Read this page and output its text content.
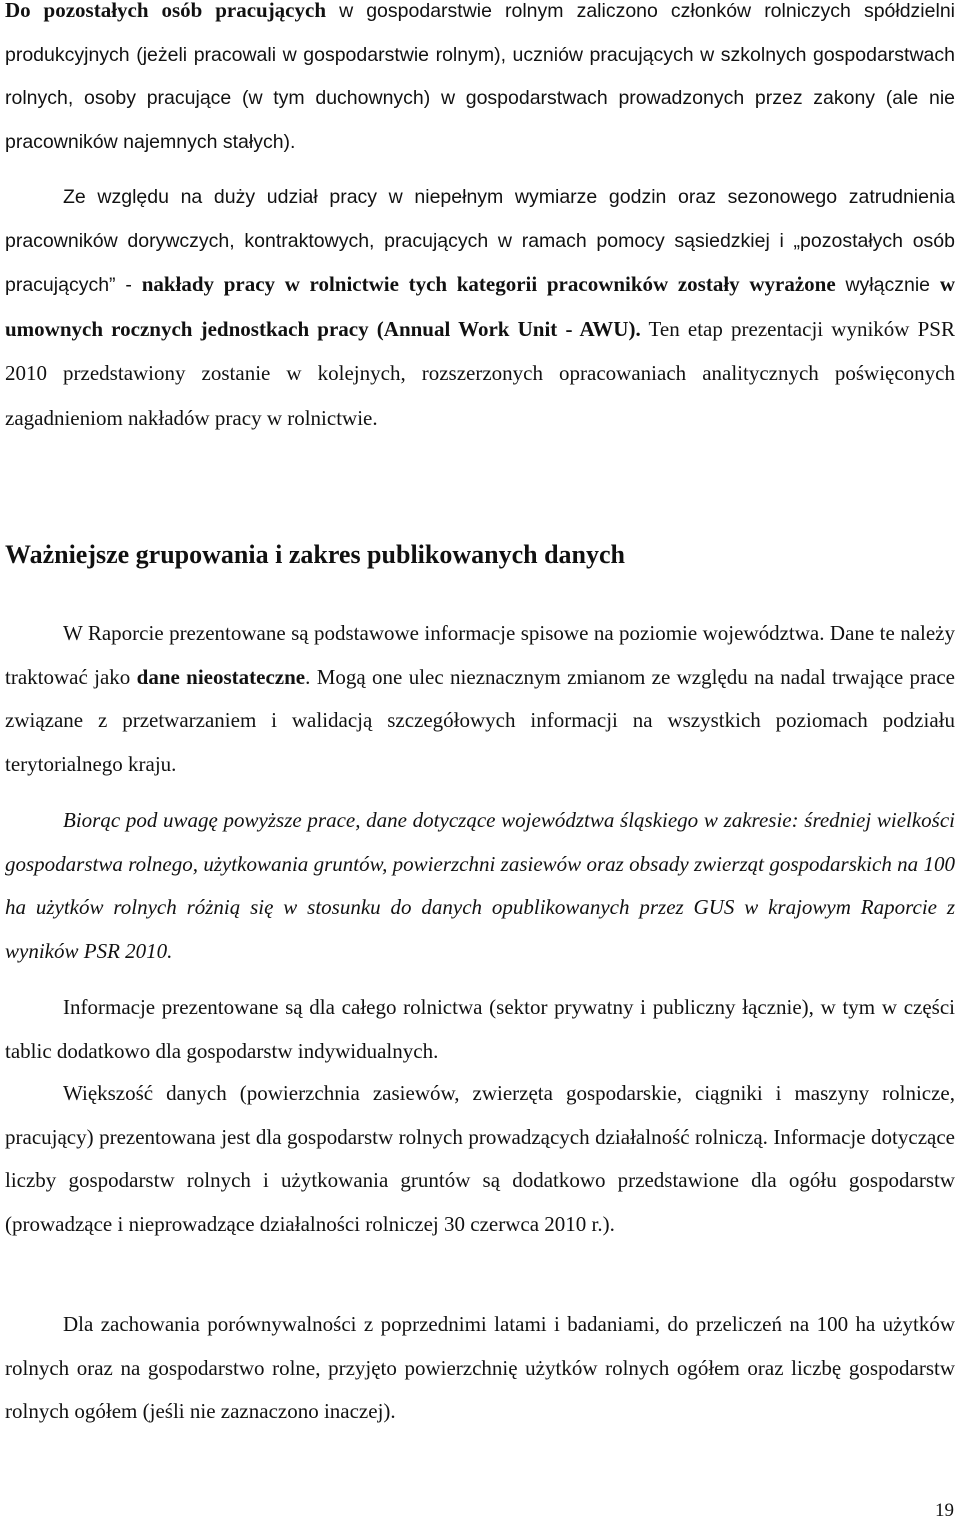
Do pozostałych osób pracujących w gospodarstwie rolnym zaliczono członków rolniczych spółdzielni produkcyjnych (jeżeli pracowali w gospodarstwie rolnym), uczniów pracujących w szkolnych gospodarstwach rolnych, osoby pracujące (w tym duchownych) w gospodarstwach prowadzonych przez zakony (ale nie pracowników najemnych stałych).

Ze względu na duży udział pracy w niepełnym wymiarze godzin oraz sezonowego zatrudnienia pracowników dorywczych, kontraktowych, pracujących w ramach pomocy sąsiedzkiej i „pozostałych osób pracujących” - nakłady pracy w rolnictwie tych kategorii pracowników zostały wyrażone wyłącznie w umownych rocznych jednostkach pracy (Annual Work Unit - AWU). Ten etap prezentacji wyników PSR 2010 przedstawiony zostanie w kolejnych, rozszerzonych opracowaniach analitycznych poświęconych zagadnieniom nakładów pracy w rolnictwie.

Ważniejsze grupowania i zakres publikowanych danych

W Raporcie prezentowane są podstawowe informacje spisowe na poziomie województwa. Dane te należy traktować jako dane nieostateczne. Mogą one ulec nieznacznym zmianom ze względu na nadal trwające prace związane z przetwarzaniem i walidacją szczegółowych informacji na wszystkich poziomach podziału terytorialnego kraju.

Biorąc pod uwagę powyższe prace, dane dotyczące województwa śląskiego w zakresie: średniej wielkości gospodarstwa rolnego, użytkowania gruntów, powierzchni zasiewów oraz obsady zwierząt gospodarskich na 100 ha użytków rolnych różnią się w stosunku do danych opublikowanych przez GUS w krajowym Raporcie z wyników PSR 2010.

Informacje prezentowane są dla całego rolnictwa (sektor prywatny i publiczny łącznie), w tym w części tablic dodatkowo dla gospodarstw indywidualnych.

Większość danych (powierzchnia zasiewów, zwierzęta gospodarskie, ciągniki i maszyny rolnicze, pracujący) prezentowana jest dla gospodarstw rolnych prowadzących działalność rolniczą. Informacje dotyczące liczby gospodarstw rolnych i użytkowania gruntów są dodatkowo przedstawione dla ogółu gospodarstw (prowadzące i nieprowadzące działalności rolniczej 30 czerwca 2010 r.).

Dla zachowania porównywalności z poprzednimi latami i badaniami, do przeliczeń na 100 ha użytków rolnych oraz na gospodarstwo rolne, przyjęto powierzchnię użytków rolnych ogółem oraz liczbę gospodarstw rolnych ogółem (jeśli nie zaznaczono inaczej).

19
